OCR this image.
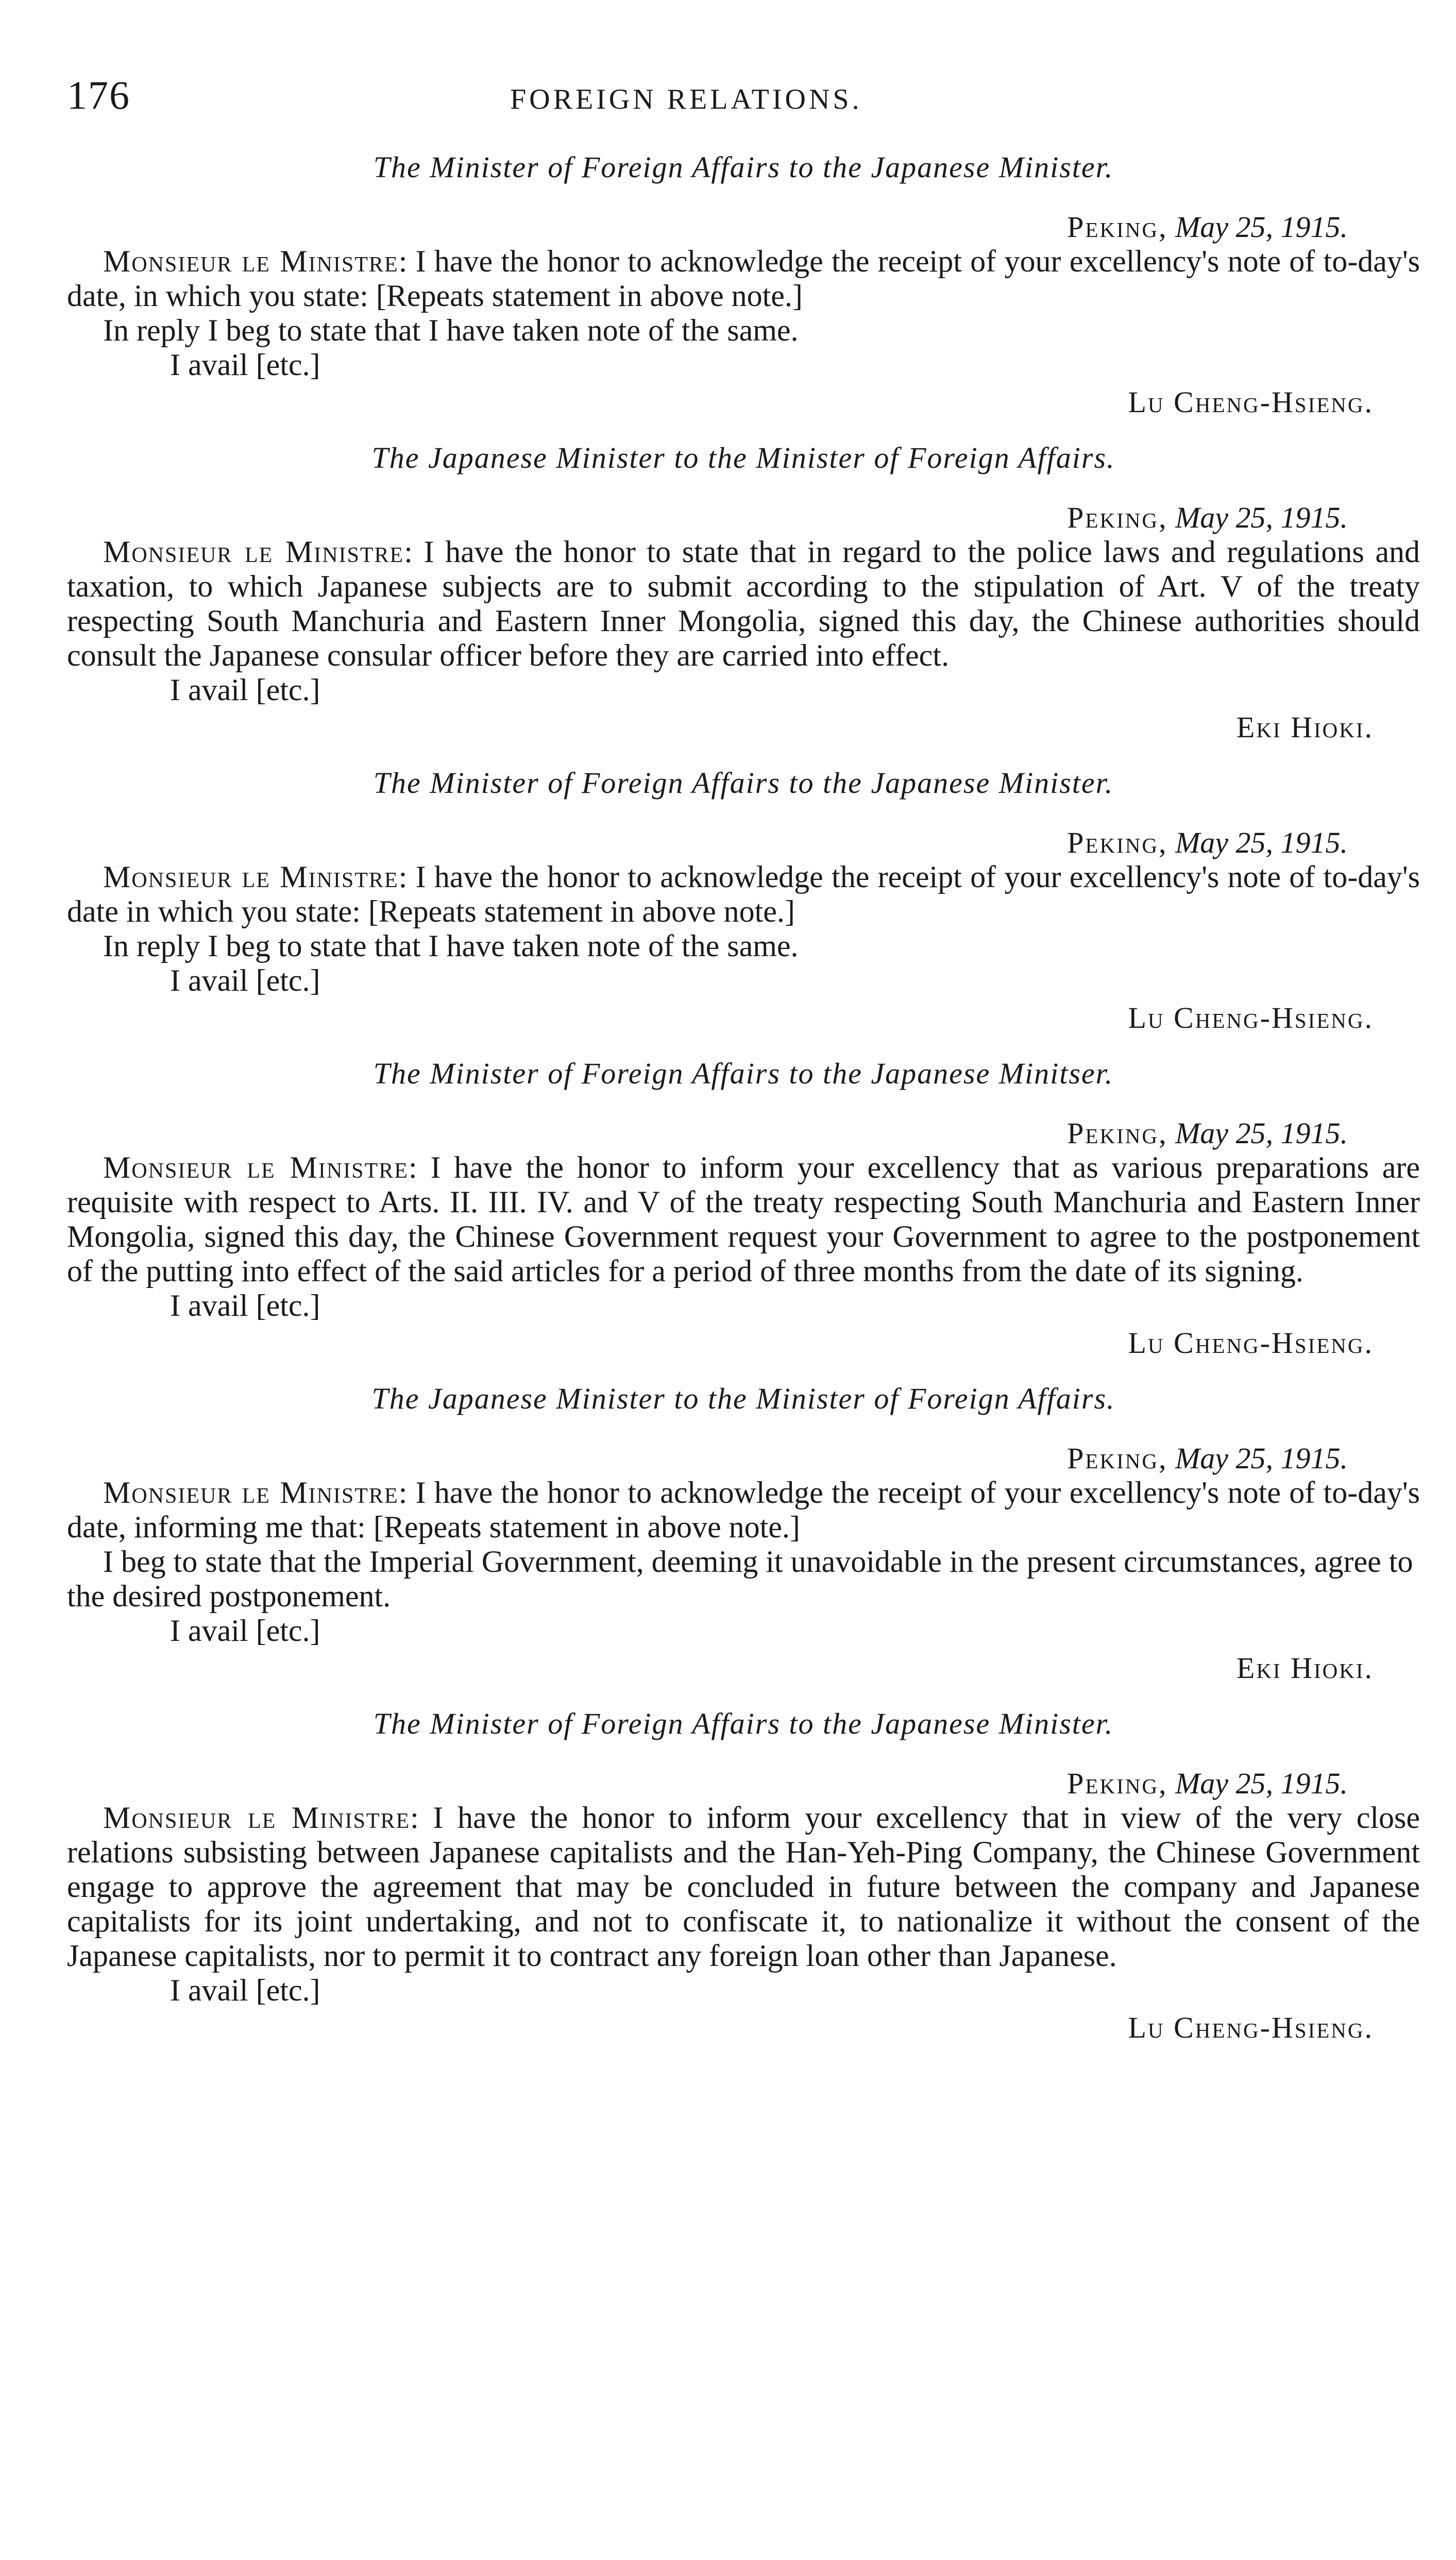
176	FOREIGN RELATIONS.
The Minister of Foreign Affairs to the Japanese Minister.
Peking, May 25, 1915.

Monsieur le Ministre: I have the honor to acknowledge the receipt of your excellency's note of to-day's date, in which you state: [Repeats statement in above note.]

In reply I beg to state that I have taken note of the same.

I avail [etc.]

Lu Cheng-Hsieng.
The Japanese Minister to the Minister of Foreign Affairs.
Peking, May 25, 1915.

Monsieur le Ministre: I have the honor to state that in regard to the police laws and regulations and taxation, to which Japanese subjects are to submit according to the stipulation of Art. V of the treaty respecting South Manchuria and Eastern Inner Mongolia, signed this day, the Chinese authorities should consult the Japanese consular officer before they are carried into effect.

I avail [etc.]

Eki Hioki.
The Minister of Foreign Affairs to the Japanese Minister.
Peking, May 25, 1915.

Monsieur le Ministre: I have the honor to acknowledge the receipt of your excellency's note of to-day's date in which you state: [Repeats statement in above note.]

In reply I beg to state that I have taken note of the same.

I avail [etc.]

Lu Cheng-Hsieng.
The Minister of Foreign Affairs to the Japanese Minitser.
Peking, May 25, 1915.

Monsieur le Ministre: I have the honor to inform your excellency that as various preparations are requisite with respect to Arts. II. III. IV. and V of the treaty respecting South Manchuria and Eastern Inner Mongolia, signed this day, the Chinese Government request your Government to agree to the postponement of the putting into effect of the said articles for a period of three months from the date of its signing.

I avail [etc.]

Lu Cheng-Hsieng.
The Japanese Minister to the Minister of Foreign Affairs.
Peking, May 25, 1915.

Monsieur le Ministre: I have the honor to acknowledge the receipt of your excellency's note of to-day's date, informing me that: [Repeats statement in above note.]

I beg to state that the Imperial Government, deeming it unavoidable in the present circumstances, agree to the desired postponement.

I avail [etc.]

Eki Hioki.
The Minister of Foreign Affairs to the Japanese Minister.
Peking, May 25, 1915.

Monsieur le Ministre: I have the honor to inform your excellency that in view of the very close relations subsisting between Japanese capitalists and the Han-Yeh-Ping Company, the Chinese Government engage to approve the agreement that may be concluded in future between the company and Japanese capitalists for its joint undertaking, and not to confiscate it, to nationalize it without the consent of the Japanese capitalists, nor to permit it to contract any foreign loan other than Japanese.

I avail [etc.]

Lu Cheng-Hsieng.
